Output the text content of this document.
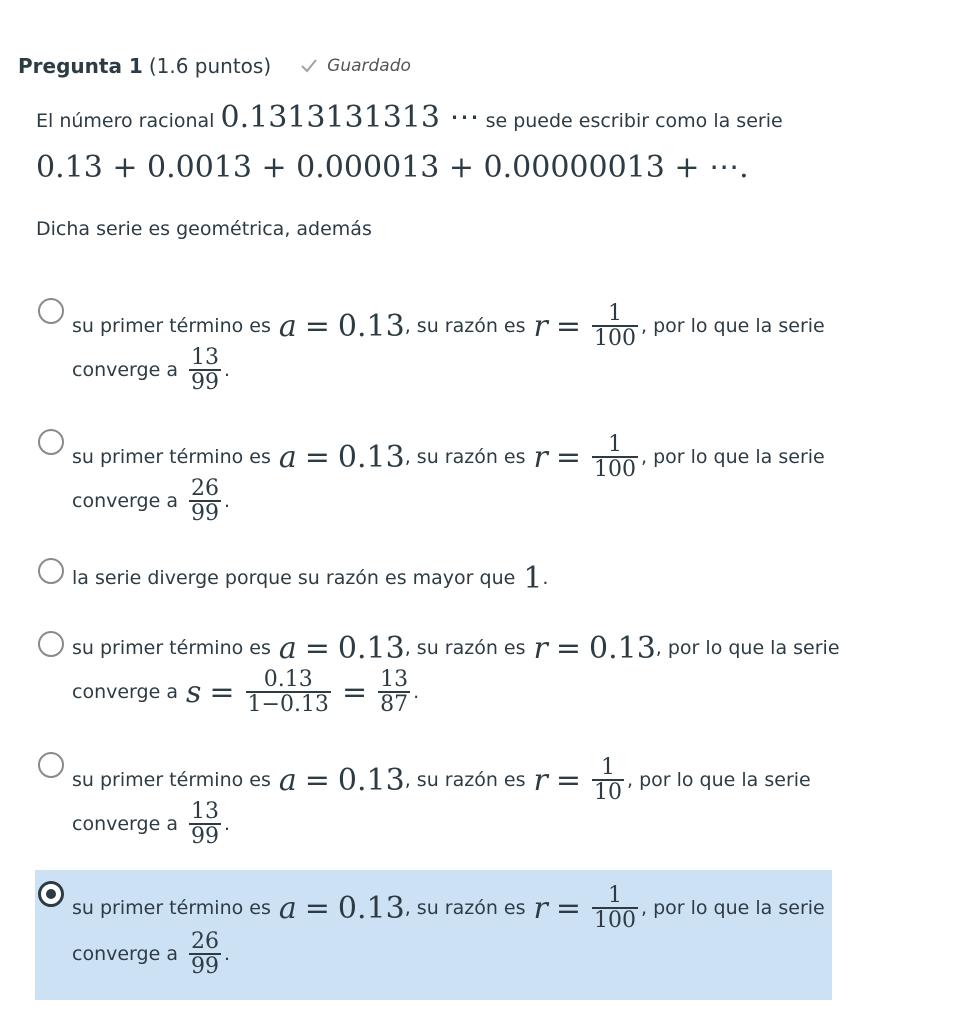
Pregunta 1 (1.6 puntos)	Guardado
El número racional 0.1313131313 ⋯ se puede escribir como la serie
0.13 + 0.0013 + 0.000013 + 0.00000013 + ⋯.
Dicha serie es geométrica, además
su primer término es a = 0.13 , su razón es $r = \frac{1}{100}$ , por lo que la serie
converge a $\frac{13}{99}$ .
su primer término es a = 0.13 , su razón es $r = \frac{1}{100}$ , por lo que la serie
converge a $\frac{26}{99}$ .
la serie diverge porque su razón es mayor que 1 .
su primer término es a = 0.13 , su razón es r = 0.13 , por lo que la serie
converge a $s = \frac{0.13}{1-0.13} = \frac{13}{87}$ .
su primer término es a = 0.13 , su razón es $r = \frac{1}{10}$ , por lo que la serie
converge a $\frac{13}{99}$ .
su primer término es a = 0.13 , su razón es $r = \frac{1}{100}$ , por lo que la serie
converge a $\frac{26}{99}$ .
